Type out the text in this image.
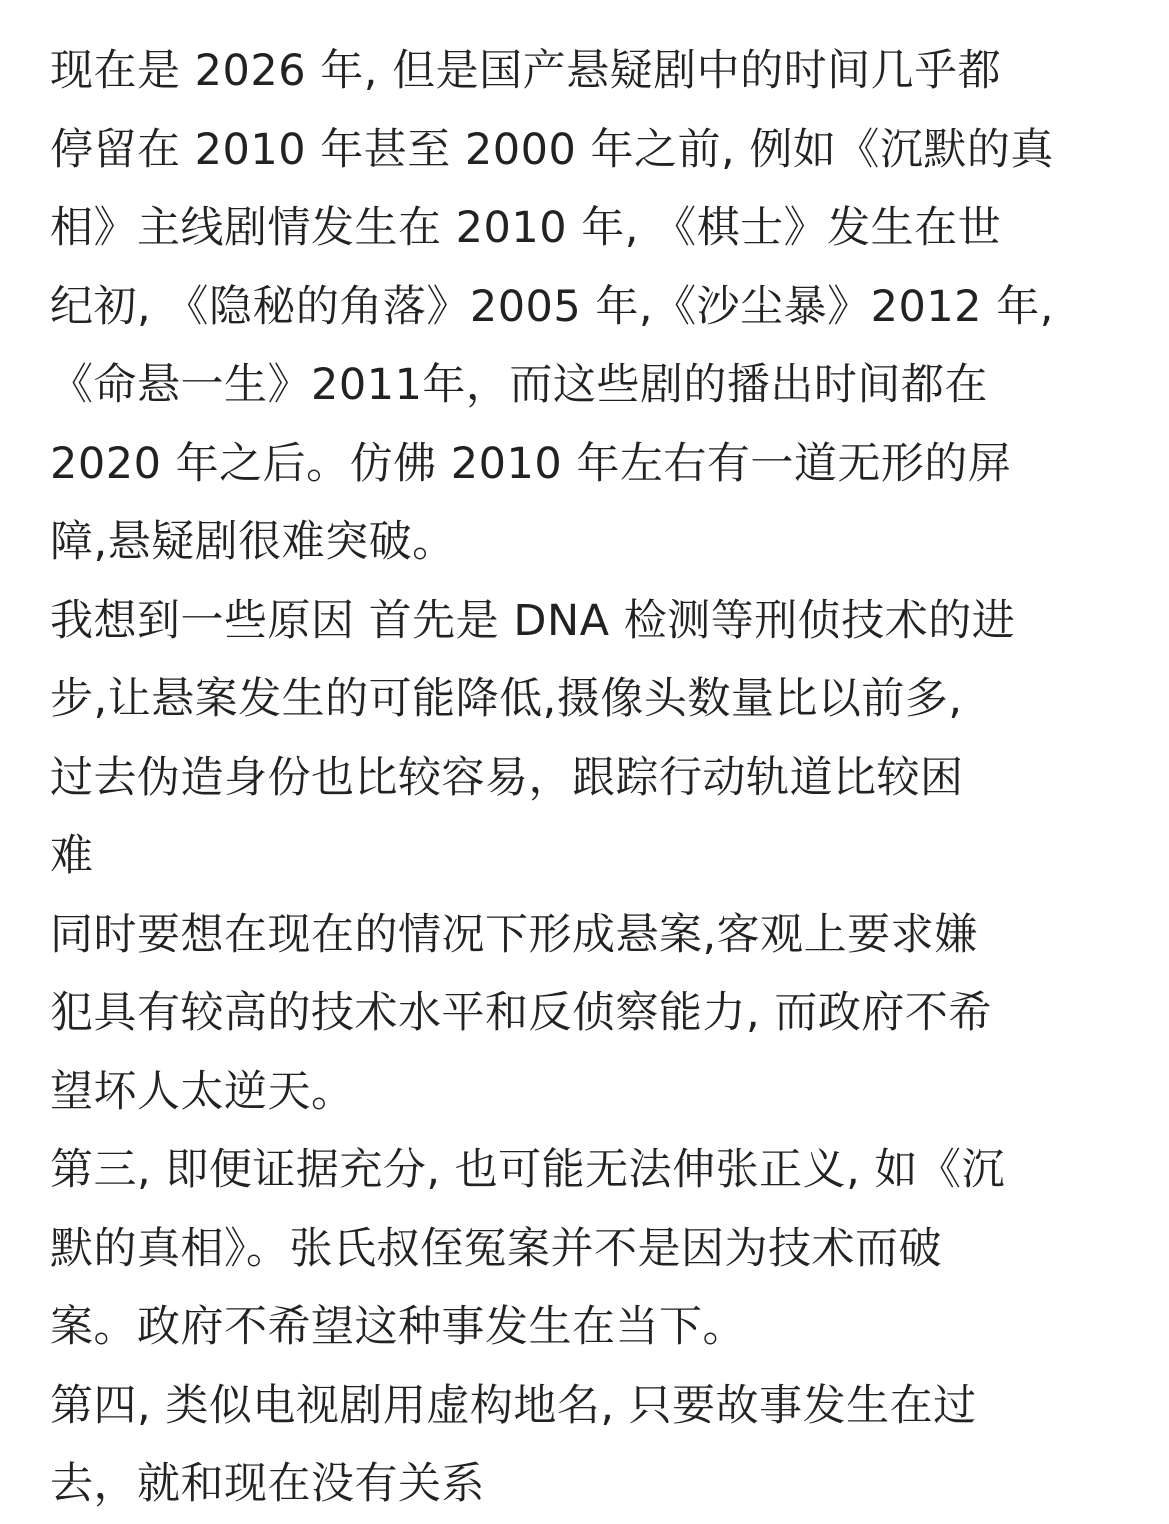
现在是 2026 年, 但是国产悬疑剧中的时间几乎都
停留在 2010 年甚至 2000 年之前, 例如《沉默的真
相》主线剧情发生在 2010 年, 《棋士》发生在世
纪初, 《隐秘的角落》2005 年,《沙尘暴》2012 年,
《命悬一生》2011年，而这些剧的播出时间都在
2020 年之后。仿佛 2010 年左右有一道无形的屏
障,悬疑剧很难突破。
我想到一些原因 首先是 DNA 检测等刑侦技术的进
步,让悬案发生的可能降低,摄像头数量比以前多,
过去伪造身份也比较容易，跟踪行动轨道比较困
难
同时要想在现在的情况下形成悬案,客观上要求嫌
犯具有较高的技术水平和反侦察能力, 而政府不希
望坏人太逆天。
第三, 即便证据充分, 也可能无法伸张正义, 如《沉
默的真相》。张氏叔侄冤案并不是因为技术而破
案。政府不希望这种事发生在当下。
第四, 类似电视剧用虚构地名, 只要故事发生在过
去，就和现在没有关系
